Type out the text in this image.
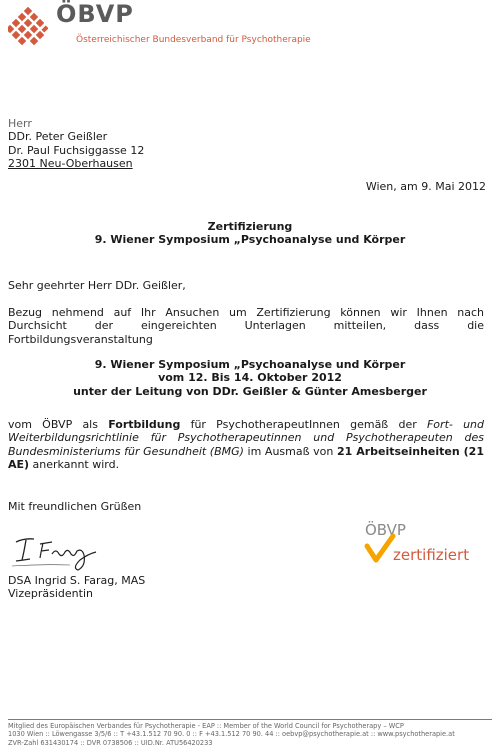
ÖBVP
Österreichischer Bundesverband für Psychotherapie
Herr
DDr. Peter Geißler
Dr. Paul Fuchsiggasse 12
2301 Neu-Oberhausen
Wien, am 9. Mai 2012
Zertifizierung
9. Wiener Symposium „Psychoanalyse und Körper
Sehr geehrter Herr DDr. Geißler,
Bezug nehmend auf Ihr Ansuchen um Zertifizierung können wir Ihnen nach Durchsicht der eingereichten Unterlagen mitteilen, dass die Fortbildungsveranstaltung
9. Wiener Symposium „Psychoanalyse und Körper
vom 12. Bis 14. Oktober 2012
unter der Leitung von DDr. Geißler & Günter Amesberger
vom ÖBVP als Fortbildung für PsychotherapeutInnen gemäß der Fort- und Weiterbildungsrichtlinie für Psychotherapeutinnen und Psychotherapeuten des Bundesministeriums für Gesundheit (BMG) im Ausmaß von 21 Arbeitseinheiten (21 AE) anerkannt wird.
Mit freundlichen Grüßen
DSA Ingrid S. Farag, MAS
Vizepräsidentin
ÖBVP
zertifiziert
Mitglied des Europäischen Verbandes für Psychotherapie - EAP :: Member of the World Council for Psychotherapy – WCP
1030 Wien :: Löwengasse 3/5/6 :: T +43.1.512 70 90. 0 :: F +43.1.512 70 90. 44 :: oebvp@psychotherapie.at :: www.psychotherapie.at
ZVR-Zahl 631430174 :: DVR 0738506 :: UID.Nr. ATU56420233
